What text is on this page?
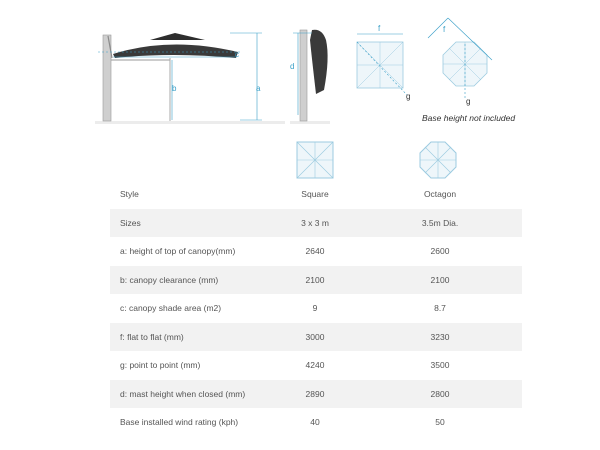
a
b
c
d
f
g
f
g
Base height not included
Style	Square	Octagon
Sizes	3 x 3 m	3.5m Dia.
a: height of top of canopy(mm)	2640	2600
b: canopy clearance (mm)	2100	2100
c: canopy shade area (m2)	9	8.7
f: flat to flat (mm)	3000	3230
g: point to point (mm)	4240	3500
d: mast height when closed (mm)	2890	2800
Base installed wind rating (kph)	40	50
